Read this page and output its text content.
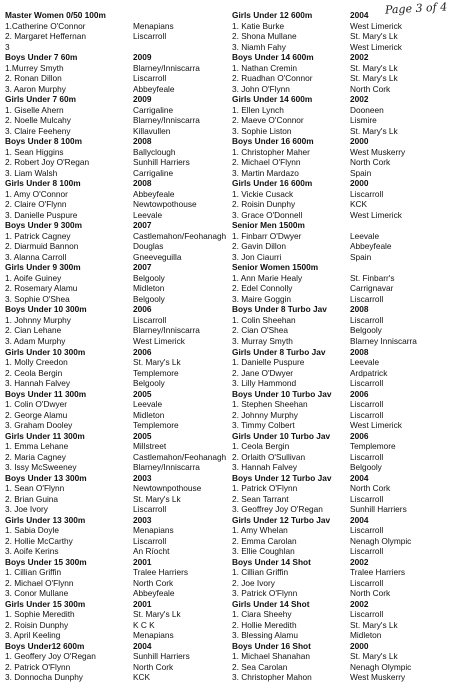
Page 3 of 4
Master Women 0/50 100m
1.Catherine O'Connor	Menapians
2. Margaret Heffernan	Liscarroll
3
Boys Under 7 60m	2009
1.Murrey Smyth	Blarney/Inniscarra
2. Ronan Dillon	Liscarroll
3. Aaron Murphy	Abbeyfeale
Girls Under 7 60m	2009
1. Giselle Ahern	Carrigaline
2. Noelle Mulcahy	Blarney/Inniscarra
3. Claire Feeheny	Killavullen
Boys Under 8 100m	2008
1. Sean Higgins	Ballyclough
2. Robert Joy O'Regan	Sunhill Harriers
3. Liam Walsh	Carrigaline
Girls Under 8 100m	2008
1. Amy O'Connor	Abbeyfeale
2. Claire O'Flynn	Newtowpothouse
3. Danielle Puspure	Leevale
Boys Under 9 300m	2007
1. Patrick Cagney	Castlemahon/Feohanagh
2. Diarmuid Bannon	Douglas
3. Alanna Carroll	Gneeveguilla
Girls Under 9 300m	2007
1. Aoife Guiney	Belgooly
2. Rosemary Alamu	Midleton
3. Sophie O'Shea	Belgooly
Boys Under 10 300m	2006
1. Johnny Murphy	Liscarroll
2. Cian Lehane	Blarney/Inniscarra
3. Adam Murphy	West Limerick
Girls Under 10 300m	2006
1. Molly Creedon	St. Mary's Lk
2. Ceola Bergin	Templemore
3. Hannah Falvey	Belgooly
Boys Under 11 300m	2005
1. Colin O'Dwyer	Leevale
2. George Alamu	Midleton
3. Graham Dooley	Templemore
Girls Under 11 300m	2005
1. Emma Lehane	Millstreet
2. Maria Cagney	Castlemahon/Feohanagh
3. Issy McSweeney	Blarney/Inniscarra
Boys Under 13 300m	2003
1. Sean O'Flynn	Newtownpothouse
2. Brian Guina	St. Mary's Lk
3. Joe Ivory	Liscarroll
Girls Under 13 300m	2003
1. Sabia Doyle	Menapians
2. Hollie McCarthy	Liscarroll
3. Aoife Kerins	An Ríocht
Boys Under 15 300m	2001
1. Cillian Griffin	Tralee Harriers
2. Michael O'Flynn	North Cork
3. Conor Mullane	Abbeyfeale
Girls Under 15 300m	2001
1. Sophie Meredith	St. Mary's Lk
2. Roisin Dunphy	K C K
3. April Keeling	Menapians
Boys Under12 600m	2004
1. Geoffery Joy O'Regan	Sunhill Harriers
2. Patrick O'Flynn	North Cork
3. Donnocha Dunphy	KCK
Girls Under 12 600m	2004
1. Katie Burke	West Limerick
2. Shona Mullane	St. Mary's Lk
3. Niamh Fahy	West Limerick
Boys Under 14 600m	2002
1. Nathan Cremin	St. Mary's Lk
2. Ruadhan O'Connor	St. Mary's Lk
3. John O'Flynn	North Cork
Girls Under 14 600m	2002
1. Ellen Lynch	Dooneen
2. Maeve O'Connor	Lismire
3. Sophie Liston	St. Mary's Lk
Boys Under 16 600m	2000
1. Christopher Maher	West Muskerry
2. Michael O'Flynn	North Cork
3. Martin Mardazo	Spain
Girls Under 16 600m	2000
1. Vickie Cusack	Liscarroll
2. Roisin Dunphy	KCK
3. Grace O'Donnell	West Limerick
Senior Men 1500m
1. Finbarr O'Dwyer	Leevale
2. Gavin Dillon	Abbeyfeale
3. Jon Ciaurri	Spain
Senior Women 1500m
1. Ann Marie Healy	St. Finbarr's
2. Edel Connolly	Carrignavar
3. Maire Goggin	Liscarroll
Boys Under 8 Turbo Jav	2008
1. Colin Sheehan	Liscarroll
2. Cian O'Shea	Belgooly
3. Murray Smyth	Blarney Inniscarra
Girls Under 8 Turbo Jav	2008
1. Danielle Puspure	Leevale
2. Jane O'Dwyer	Ardpatrick
3. Lilly Hammond	Liscarroll
Boys Under 10 Turbo Jav 2006
1. Stephen Sheehan	Liscarroll
2. Johnny Murphy	Liscarroll
3. Timmy Colbert	West Limerick
Girls Under 10 Turbo Jav 2006
1. Ceola Bergin	Templemore
2. Orlaith O'Sullivan	Liscarroll
3. Hannah Falvey	Belgooly
Boys Under 12 Turbo Jav 2004
1. Patrick O'Flynn	North Cork
2. Sean Tarrant	Liscarroll
3. Geoffrey Joy O'Regan	Sunhill Harriers
Girls Under 12 Turbo Jav 2004
1. Amy Whelan	Liscarroll
2. Emma Carolan	Nenagh Olympic
3. Ellie Coughlan	Liscarroll
Boys Under 14 Shot	2002
1. Cillian Griffin	Tralee Harriers
2. Joe Ivory	Liscarroll
3. Patrick O'Flynn	North Cork
Girls Under 14 Shot	2002
1. Ciara Sheehy	Liscarroll
2. Hollie Meredith	St. Mary's Lk
3. Blessing Alamu	Midleton
Boys Under 16 Shot	2000
1. Michael Shanahan	St. Mary's Lk
2. Sea Carolan	Nenagh Olympic
3. Christopher Mahon	West Muskerry
